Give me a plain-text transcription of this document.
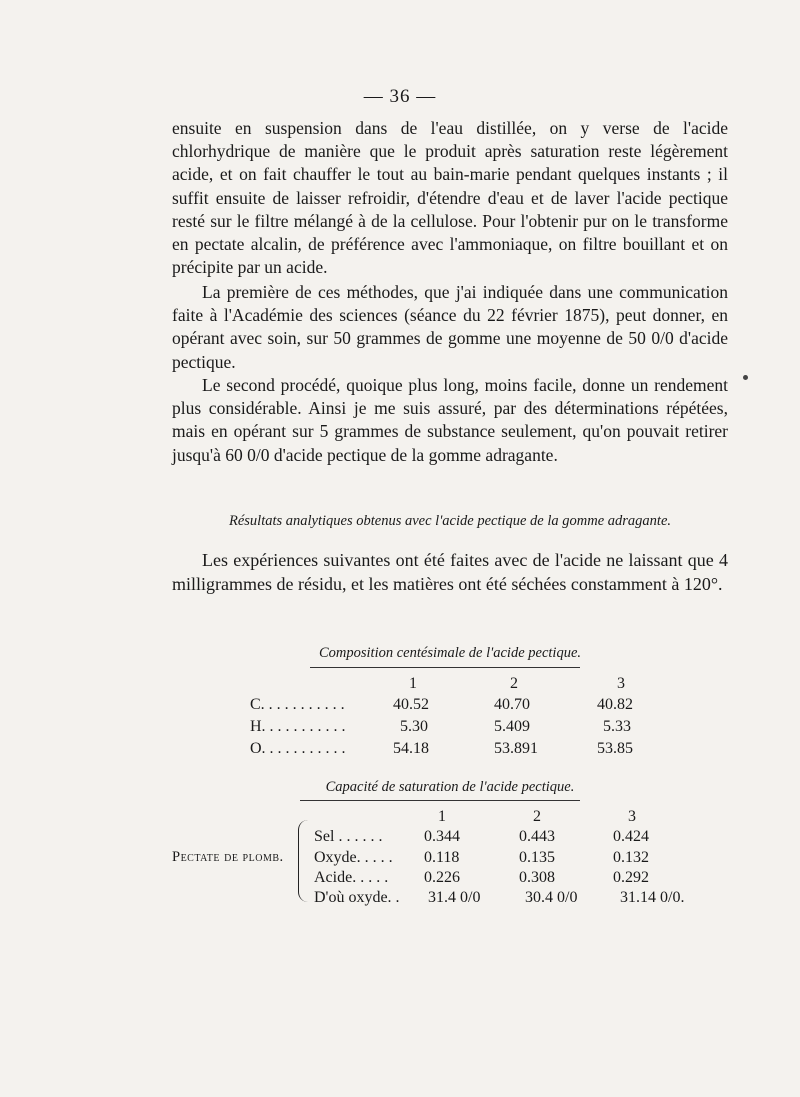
— 36 —

ensuite en suspension dans de l'eau distillée, on y verse de l'acide chlorhydrique de manière que le produit après saturation reste légèrement acide, et on fait chauffer le tout au bain-marie pendant quelques instants ; il suffit ensuite de laisser refroidir, d'étendre d'eau et de laver l'acide pectique resté sur le filtre mélangé à de la cellulose. Pour l'obtenir pur on le transforme en pectate alcalin, de préférence avec l'ammoniaque, on filtre bouillant et on précipite par un acide.

La première de ces méthodes, que j'ai indiquée dans une communication faite à l'Académie des sciences (séance du 22 février 1875), peut donner, en opérant avec soin, sur 50 grammes de gomme une moyenne de 50 0/0 d'acide pectique.

Le second procédé, quoique plus long, moins facile, donne un rendement plus considérable. Ainsi je me suis assuré, par des déterminations répétées, mais en opérant sur 5 grammes de substance seulement, qu'on pouvait retirer jusqu'à 60 0/0 d'acide pectique de la gomme adragante.

Résultats analytiques obtenus avec l'acide pectique de la gomme adragante.

Les expériences suivantes ont été faites avec de l'acide ne laissant que 4 milligrammes de résidu, et les matières ont été séchées constamment à 120°.

Composition centésimale de l'acide pectique.
1	2	3
C. . . . . . . . . . .	40.52	40.70	40.82
H. . . . . . . . . . .	5.30	5.409	5.33
O. . . . . . . . . . .	54.18	53.891	53.85
Capacité de saturation de l'acide pectique.
1	2	3
Pectate de plomb.
Sel . . . . . .	0.344	0.443	0.424
Oxyde. . . . . 0.118	0.135	0.132
Acide. . . . . 0.226	0.308	0.292
D'où oxyde. . 31.4 0/0	30.4 0/0	31.14 0/0.
